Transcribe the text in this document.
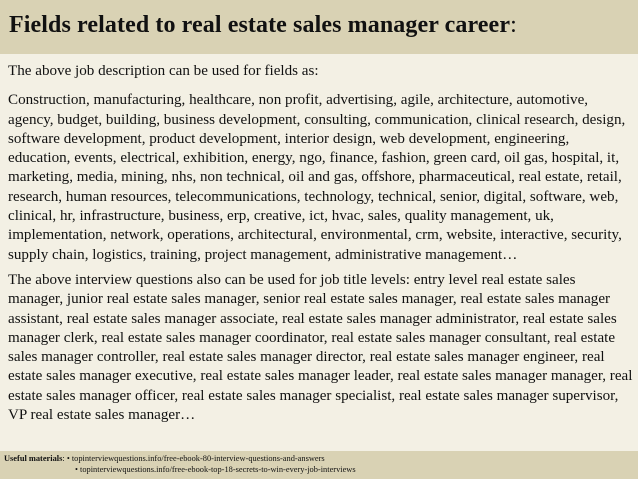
Fields related to real estate sales manager career:

The above job description can be used for fields as:

Construction, manufacturing, healthcare, non profit, advertising, agile, architecture, automotive, agency, budget, building, business development, consulting, communication, clinical research, design, software development, product development, interior design, web development, engineering, education, events, electrical, exhibition, energy, ngo, finance, fashion, green card, oil gas, hospital, it, marketing, media, mining, nhs, non technical, oil and gas, offshore, pharmaceutical, real estate, retail, research, human resources, telecommunications, technology, technical, senior, digital, software, web, clinical, hr, infrastructure, business, erp, creative, ict, hvac, sales, quality management, uk, implementation, network, operations, architectural, environmental, crm, website, interactive, security, supply chain, logistics, training, project management, administrative management…

The above interview questions also can be used for job title levels: entry level real estate sales manager, junior real estate sales manager, senior real estate sales manager, real estate sales manager assistant, real estate sales manager associate, real estate sales manager administrator, real estate sales manager clerk, real estate sales manager coordinator, real estate sales manager consultant, real estate sales manager controller, real estate sales manager director, real estate sales manager engineer, real estate sales manager executive, real estate sales manager leader, real estate sales manager manager, real estate sales manager officer, real estate sales manager specialist, real estate sales manager supervisor, VP real estate sales manager…

Useful materials: • topinterviewquestions.info/free-ebook-80-interview-questions-and-answers
• topinterviewquestions.info/free-ebook-top-18-secrets-to-win-every-job-interviews
